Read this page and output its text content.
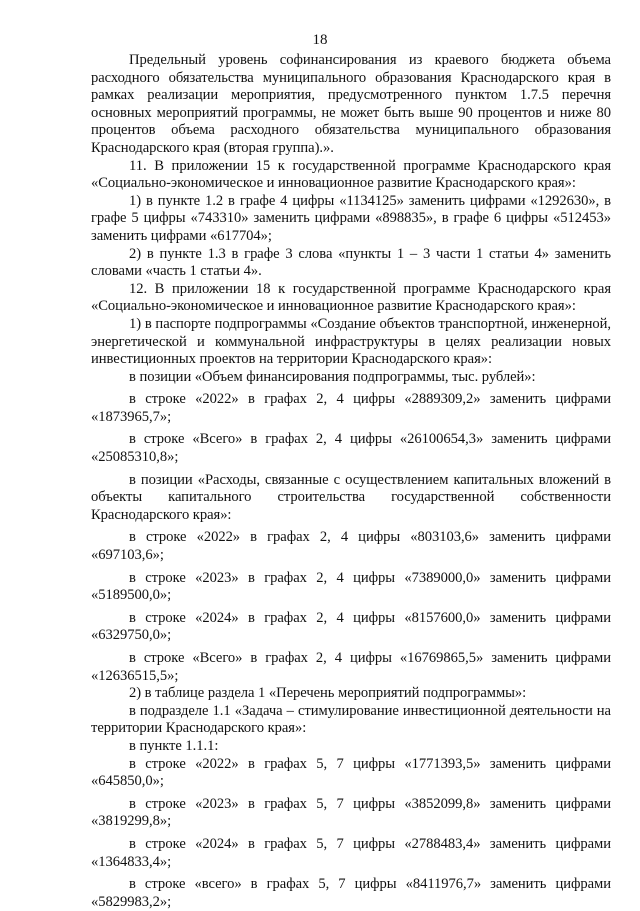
18

Предельный уровень софинансирования из краевого бюджета объема расходного обязательства муниципального образования Краснодарского края в рамках реализации мероприятия, предусмотренного пунктом 1.7.5 перечня основных мероприятий программы, не может быть выше 90 процентов и ниже 80 процентов объема расходного обязательства муниципального образования Краснодарского края (вторая группа).».

11. В приложении 15 к государственной программе Краснодарского края «Социально-экономическое и инновационное развитие Краснодарского края»:

1) в пункте 1.2 в графе 4 цифры «1134125» заменить цифрами «1292630», в графе 5 цифры «743310» заменить цифрами «898835», в графе 6 цифры «512453» заменить цифрами «617704»;

2) в пункте 1.3 в графе 3 слова «пункты 1 – 3 части 1 статьи 4» заменить словами «часть 1 статьи 4».

12. В приложении 18 к государственной программе Краснодарского края «Социально-экономическое и инновационное развитие Краснодарского края»:

1) в паспорте подпрограммы «Создание объектов транспортной, инженерной, энергетической и коммунальной инфраструктуры в целях реализации новых инвестиционных проектов на территории Краснодарского края»:

в позиции «Объем финансирования подпрограммы, тыс. рублей»:

в строке «2022» в графах 2, 4 цифры «2889309,2» заменить цифрами «1873965,7»;

в строке «Всего» в графах 2, 4 цифры «26100654,3» заменить цифрами «25085310,8»;

в позиции «Расходы, связанные с осуществлением капитальных вложений в объекты капитального строительства государственной собственности Краснодарского края»:

в строке «2022» в графах 2, 4 цифры «803103,6» заменить цифрами «697103,6»;

в строке «2023» в графах 2, 4 цифры «7389000,0» заменить цифрами «5189500,0»;

в строке «2024» в графах 2, 4 цифры «8157600,0» заменить цифрами «6329750,0»;

в строке «Всего» в графах 2, 4 цифры «16769865,5» заменить цифрами «12636515,5»;

2) в таблице раздела 1 «Перечень мероприятий подпрограммы»:

в подразделе 1.1 «Задача – стимулирование инвестиционной деятельности на территории Краснодарского края»:

в пункте 1.1.1:

в строке «2022» в графах 5, 7 цифры «1771393,5» заменить цифрами «645850,0»;

в строке «2023» в графах 5, 7 цифры «3852099,8» заменить цифрами «3819299,8»;

в строке «2024» в графах 5, 7 цифры «2788483,4» заменить цифрами «1364833,4»;

в строке «всего» в графах 5, 7 цифры «8411976,7» заменить цифрами «5829983,2»;
